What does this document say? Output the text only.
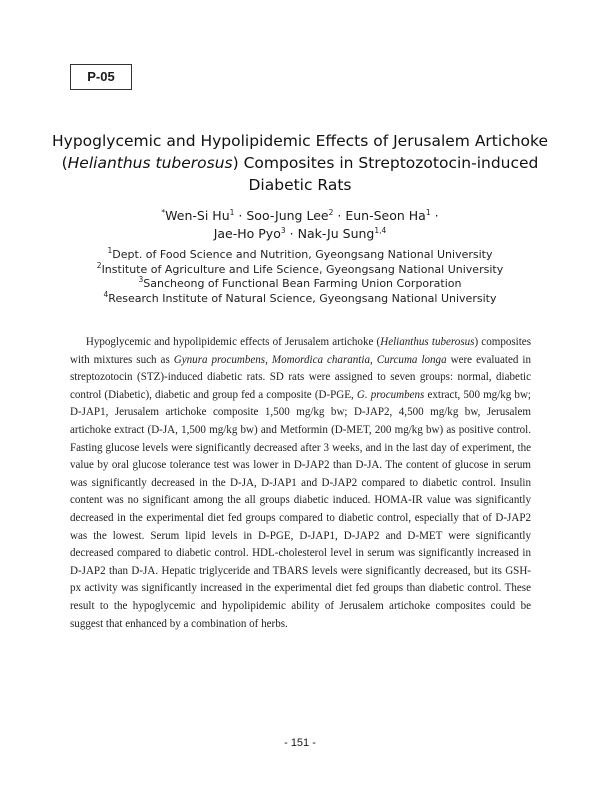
P-05
Hypoglycemic and Hypolipidemic Effects of Jerusalem Artichoke
(Helianthus tuberosus) Composites in Streptozotocin-induced
Diabetic Rats
*Wen-Si $Hu^1$ · Soo-Jung Lee$^2$ · Eun-Seon $Ha^1$ ·
Jae-Ho Pyo$^3$ · Nak-Ju Sung$^{1,4}$
$^1$Dept. of Food Science and Nutrition, Gyeongsang National University
$^2$Institute of Agriculture and Life Science, Gyeongsang National University
$^3$Sancheong of Functional Bean Farming Union Corporation
$^4$Research Institute of Natural Science, Gyeongsang National University

Hypoglycemic and hypolipidemic effects of Jerusalem artichoke (Helianthus tuberosus) composites with mixtures such as Gynura procumbens, Momordica charantia, Curcuma longa were evaluated in streptozotocin (STZ)-induced diabetic rats. SD rats were assigned to seven groups: normal, diabetic control (Diabetic), diabetic and group fed a composite (D-PGE, G. procumbens extract, 500 mg/kg bw; D-JAP1, Jerusalem artichoke composite 1,500 mg/kg bw; D-JAP2, 4,500 mg/kg bw, Jerusalem artichoke extract (D-JA, 1,500 mg/kg bw) and Metformin (D-MET, 200 mg/kg bw) as positive control. Fasting glucose levels were significantly decreased after 3 weeks, and in the last day of experiment, the value by oral glucose tolerance test was lower in D-JAP2 than D-JA. The content of glucose in serum was significantly decreased in the D-JA, D-JAP1 and D-JAP2 compared to diabetic control. Insulin content was no significant among the all groups diabetic induced. HOMA-IR value was significantly decreased in the experimental diet fed groups compared to diabetic control, especially that of D-JAP2 was the lowest. Serum lipid levels in D-PGE, D-JAP1, D-JAP2 and D-MET were significantly decreased compared to diabetic control. HDL-cholesterol level in serum was significantly increased in D-JAP2 than D-JA. Hepatic triglyceride and TBARS levels were significantly decreased, but its GSH-px activity was significantly increased in the experimental diet fed groups than diabetic control. These result to the hypoglycemic and hypolipidemic ability of Jerusalem artichoke composites could be suggest that enhanced by a combination of herbs.

- 151 -
